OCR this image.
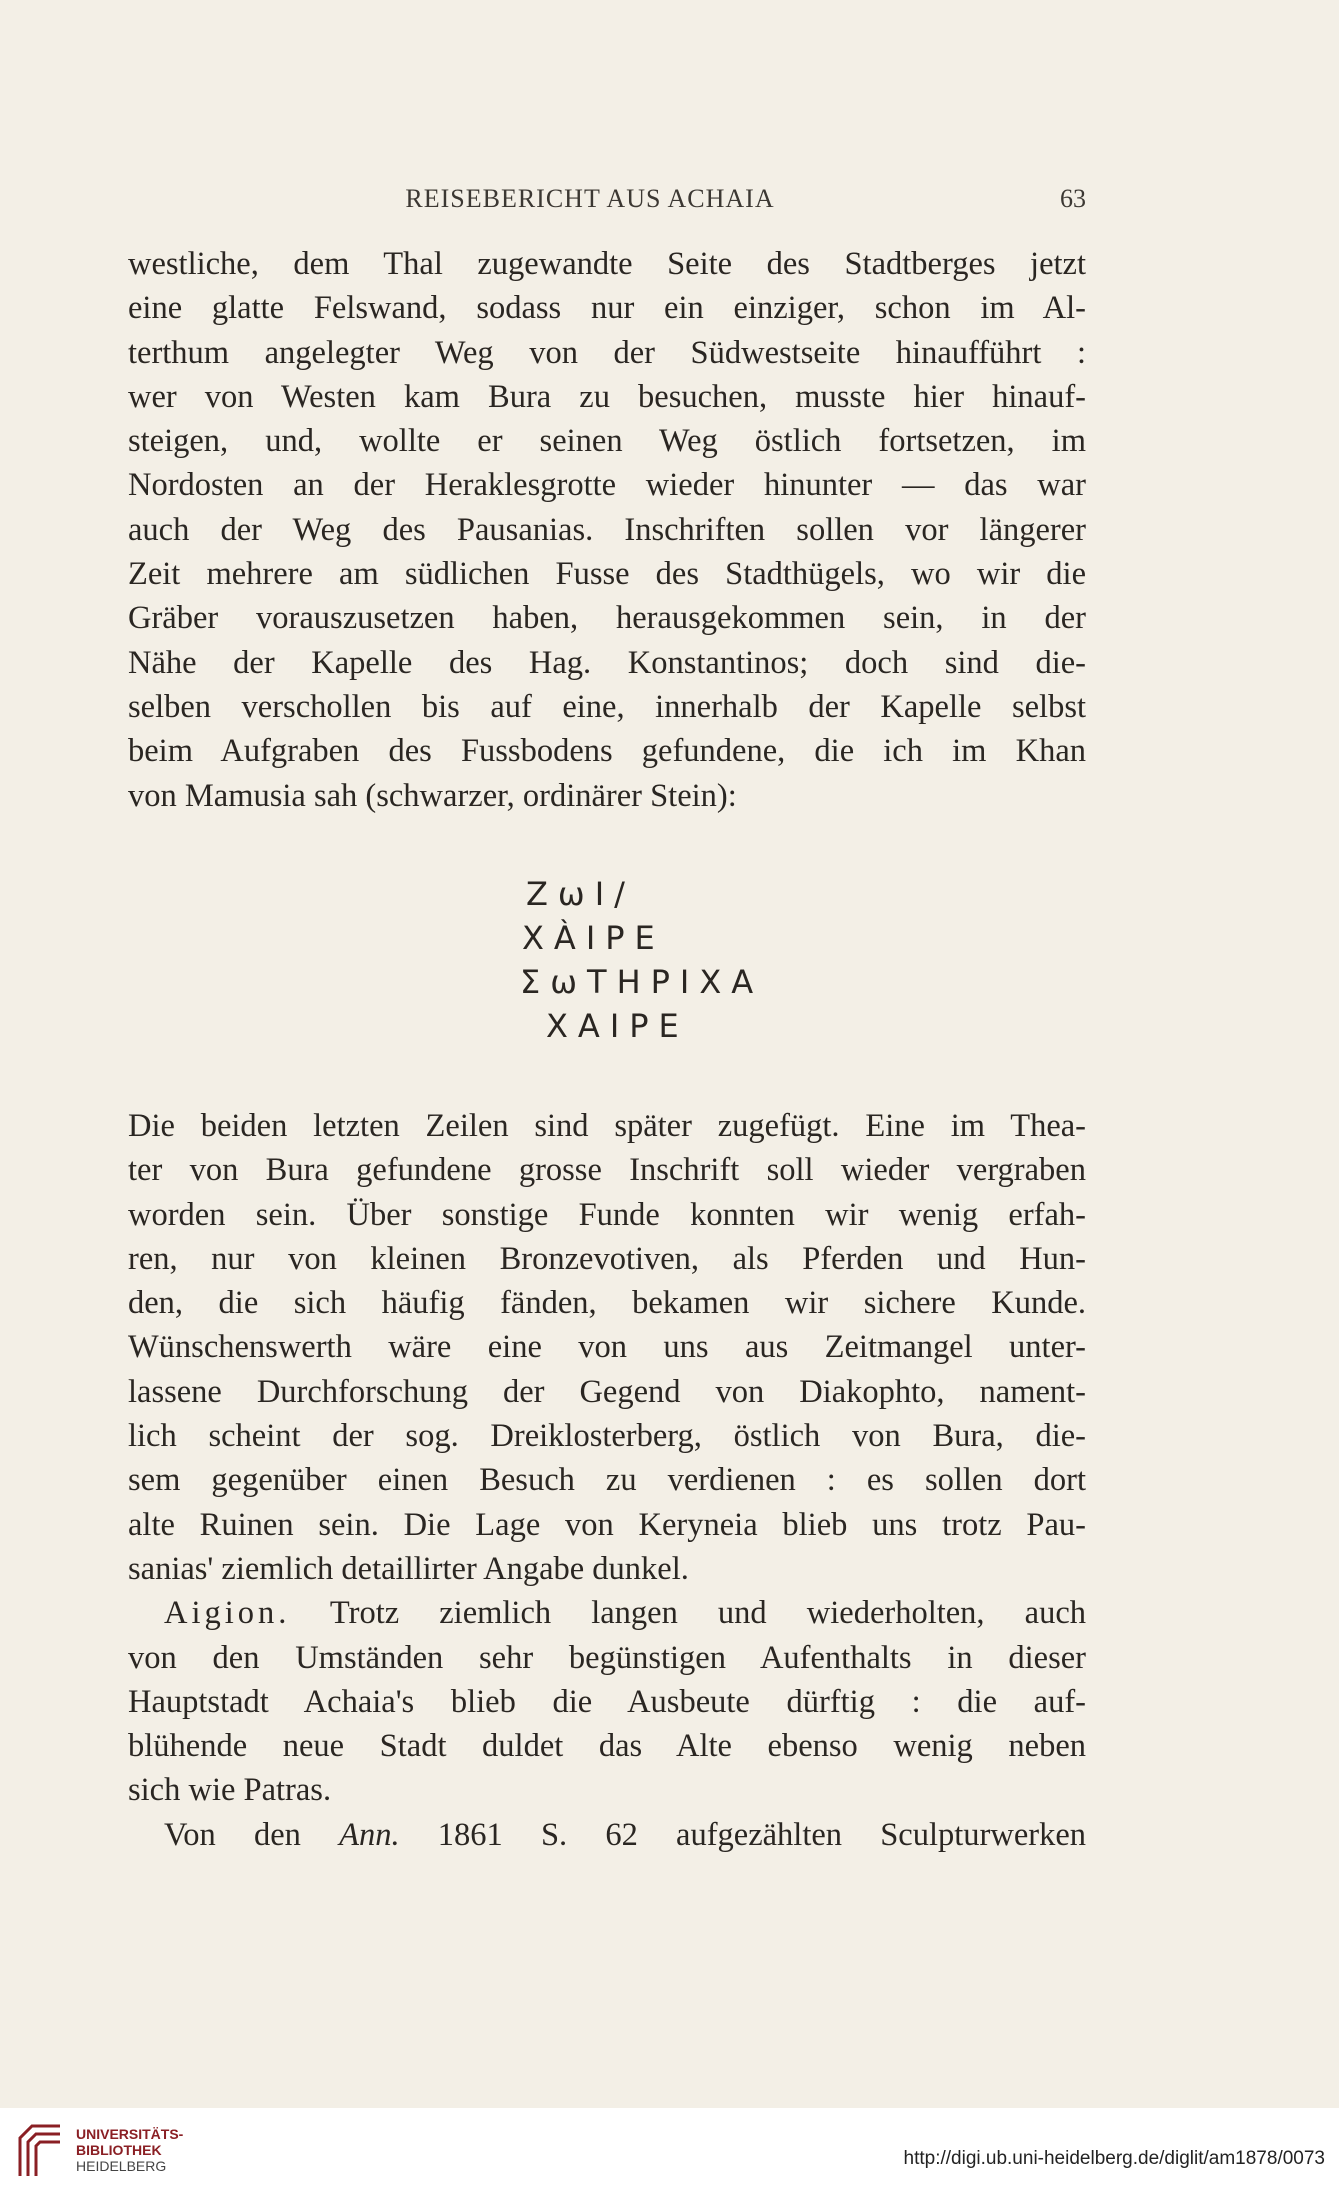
REISEBERICHT AUS ACHAIA	63
westliche, dem Thal zugewandte Seite des Stadtberges jetzt
eine glatte Felswand, sodass nur ein einziger, schon im Al-
terthum angelegter Weg von der Südwestseite hinaufführt :
wer von Westen kam Bura zu besuchen, musste hier hinauf-
steigen, und, wollte er seinen Weg östlich fortsetzen, im
Nordosten an der Heraklesgrotte wieder hinunter — das war
auch der Weg des Pausanias. Inschriften sollen vor längerer
Zeit mehrere am südlichen Fusse des Stadthügels, wo wir die
Gräber vorauszusetzen haben, herausgekommen sein, in der
Nähe der Kapelle des Hag. Konstantinos; doch sind die-
selben verschollen bis auf eine, innerhalb der Kapelle selbst
beim Aufgraben des Fussbodens gefundene, die ich im Khan
von Mamusia sah (schwarzer, ordinärer Stein):
ZωI/
XÀIPE
ΣωΤΗΡΙΧΑ
ΧΑΙΡΕ
Die beiden letzten Zeilen sind später zugefügt. Eine im Thea-
ter von Bura gefundene grosse Inschrift soll wieder vergraben
worden sein. Über sonstige Funde konnten wir wenig erfah-
ren, nur von kleinen Bronzevotiven, als Pferden und Hun-
den, die sich häufig fänden, bekamen wir sichere Kunde.
Wünschenswerth wäre eine von uns aus Zeitmangel unter-
lassene Durchforschung der Gegend von Diakophto, nament-
lich scheint der sog. Dreiklosterberg, östlich von Bura, die-
sem gegenüber einen Besuch zu verdienen : es sollen dort
alte Ruinen sein. Die Lage von Keryneia blieb uns trotz Pau-
sanias' ziemlich detaillirter Angabe dunkel.
Aigion. Trotz ziemlich langen und wiederholten, auch
von den Umständen sehr begünstigen Aufenthalts in dieser
Hauptstadt Achaia's blieb die Ausbeute dürftig : die auf-
blühende neue Stadt duldet das Alte ebenso wenig neben
sich wie Patras.
Von den Ann. 1861 S. 62 aufgezählten Sculpturwerken
UNIVERSITÄTS-
BIBLIOTHEK
HEIDELBERG	http://digi.ub.uni-heidelberg.de/diglit/am1878/0073
